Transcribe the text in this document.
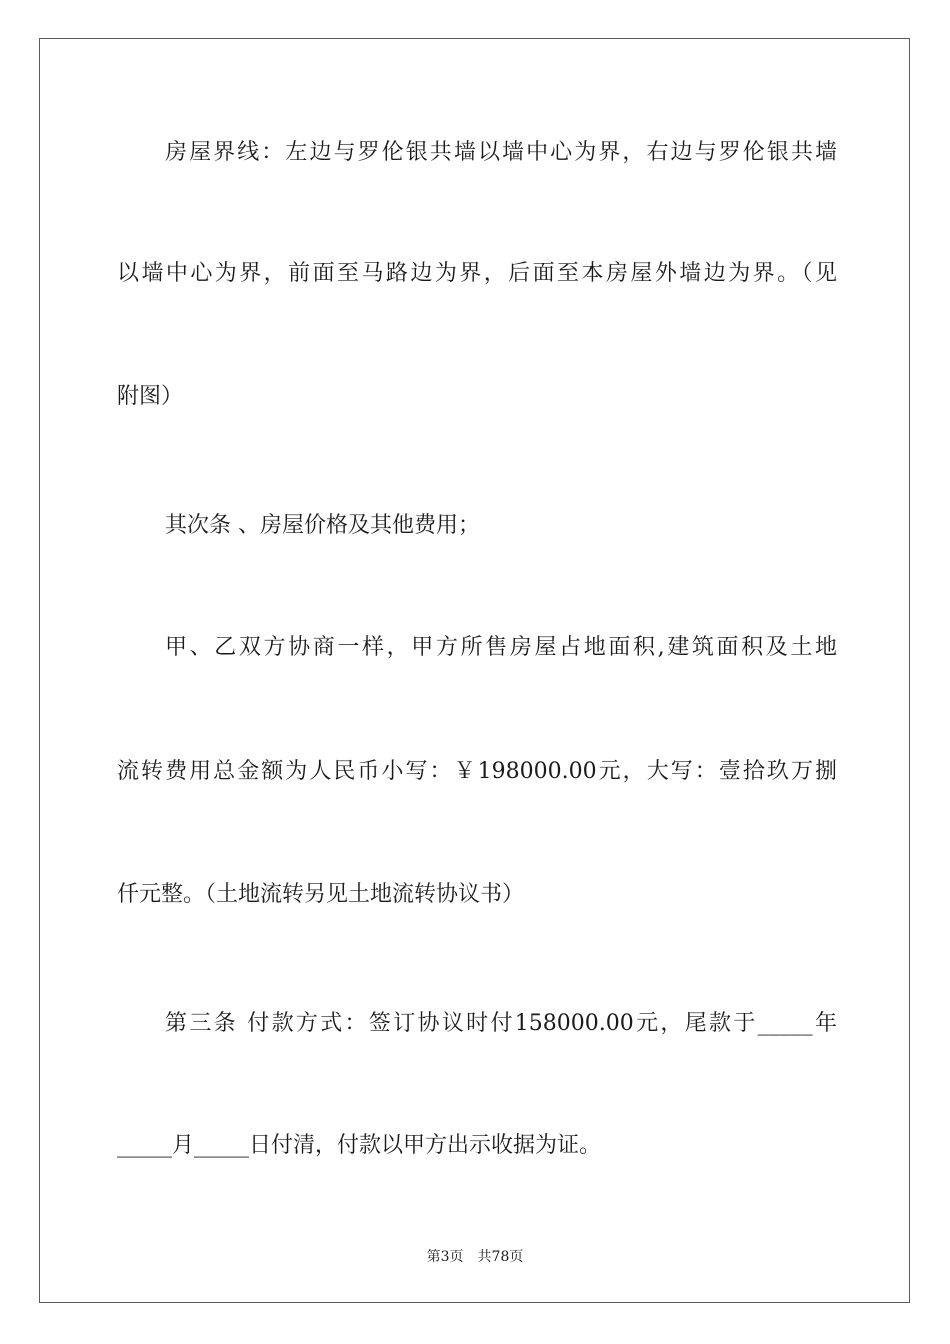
房屋界线：左边与罗伦银共墙以墙中心为界，右边与罗伦银共墙
以墙中心为界，前面至马路边为界，后面至本房屋外墙边为界。（见
附图）
其次条 、房屋价格及其他费用；
甲、乙双方协商一样，甲方所售房屋占地面积,建筑面积及土地
流转费用总金额为人民币小写：￥198000.00元，大写：壹拾玖万捌
仟元整。（土地流转另见土地流转协议书）
第三条 付款方式：签订协议时付158000.00元，尾款于_____年
_____月_____日付清，付款以甲方出示收据为证。
第3页 共78页
